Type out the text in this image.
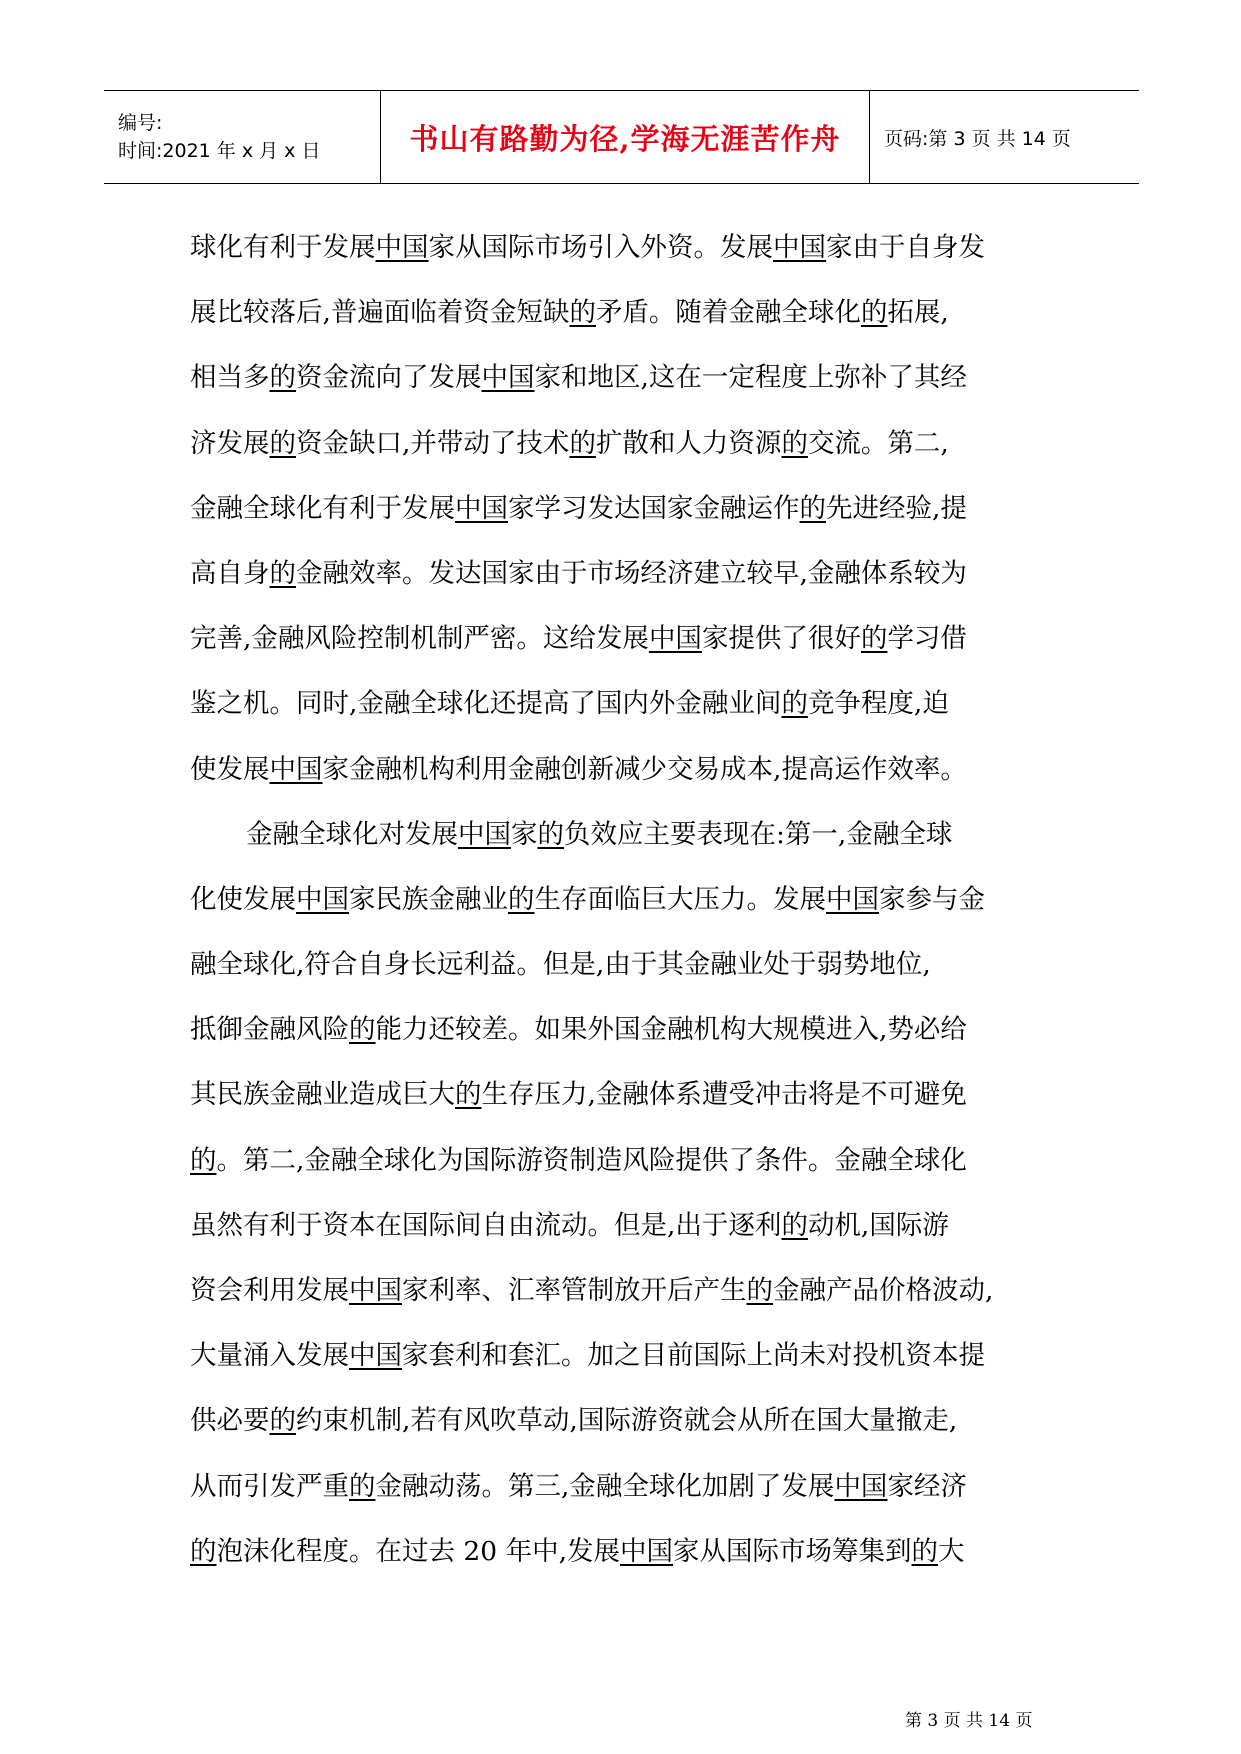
编号:
时间:2021 年 x 月 x 日	书山有路勤为径,学海无涯苦作舟 页码:第 3 页 共 14 页
球化有利于发展中国家从国际市场引入外资。发展中国家由于自身发
展比较落后,普遍面临着资金短缺的矛盾。随着金融全球化的拓展,
相当多的资金流向了发展中国家和地区,这在一定程度上弥补了其经
济发展的资金缺口,并带动了技术的扩散和人力资源的交流。第二,
金融全球化有利于发展中国家学习发达国家金融运作的先进经验,提
高自身的金融效率。发达国家由于市场经济建立较早,金融体系较为
完善,金融风险控制机制严密。这给发展中国家提供了很好的学习借
鉴之机。同时,金融全球化还提高了国内外金融业间的竞争程度,迫
使发展中国家金融机构利用金融创新减少交易成本,提高运作效率。
金融全球化对发展中国家的负效应主要表现在:第一,金融全球
化使发展中国家民族金融业的生存面临巨大压力。发展中国家参与金
融全球化,符合自身长远利益。但是,由于其金融业处于弱势地位,
抵御金融风险的能力还较差。如果外国金融机构大规模进入,势必给
其民族金融业造成巨大的生存压力,金融体系遭受冲击将是不可避免
的。第二,金融全球化为国际游资制造风险提供了条件。金融全球化
虽然有利于资本在国际间自由流动。但是,出于逐利的动机,国际游
资会利用发展中国家利率、汇率管制放开后产生的金融产品价格波动,
大量涌入发展中国家套利和套汇。加之目前国际上尚未对投机资本提
供必要的约束机制,若有风吹草动,国际游资就会从所在国大量撤走,
从而引发严重的金融动荡。第三,金融全球化加剧了发展中国家经济
的泡沫化程度。在过去 20 年中,发展中国家从国际市场筹集到的大
第 3 页 共 14 页
